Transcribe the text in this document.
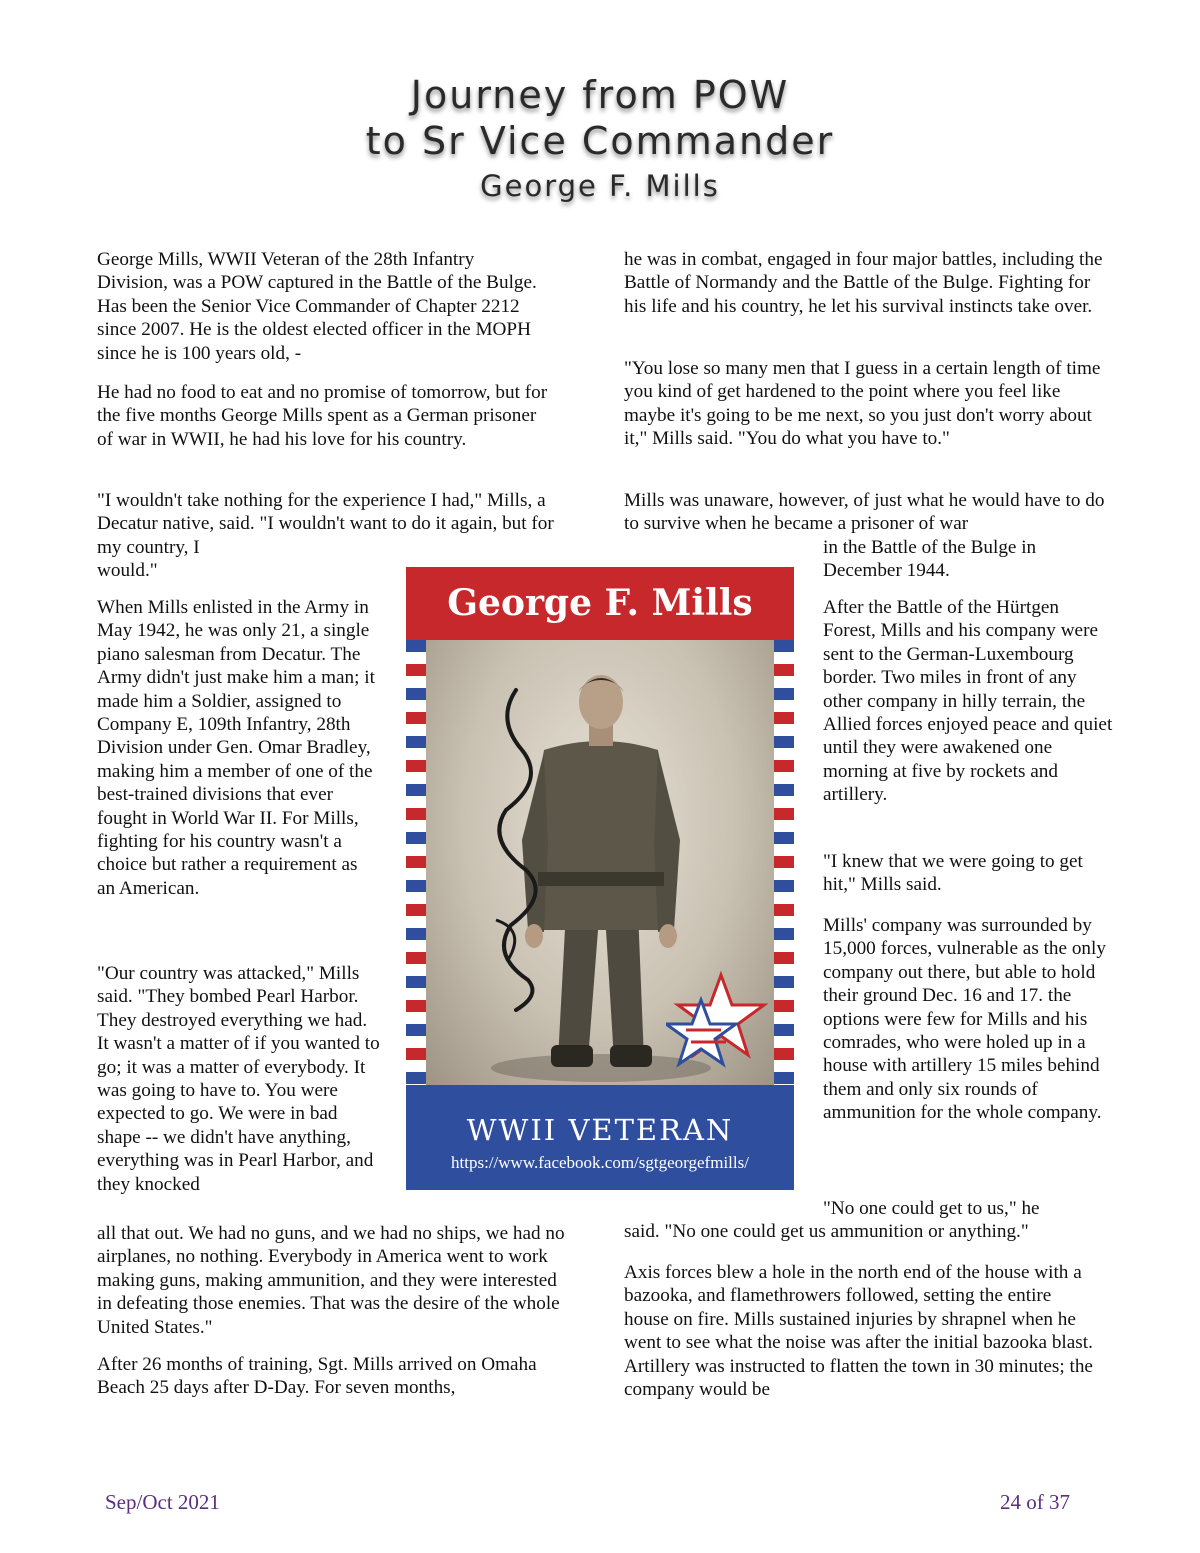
Journey from POW
to Sr Vice Commander
George F. Mills

George Mills, WWII Veteran of the 28th Infantry Division, was a POW captured in the Battle of the Bulge. Has been the Senior Vice Commander of Chapter 2212 since 2007. He is the oldest elected officer in the MOPH since he is 100 years old, -

He had no food to eat and no promise of tomorrow, but for the five months George Mills spent as a German prisoner of war in WWII, he had his love for his country.

"I wouldn't take nothing for the experience I had," Mills, a Decatur native, said. "I wouldn't want to do it again, but for my country, I

would."

When Mills enlisted in the Army in May 1942, he was only 21, a single piano salesman from Decatur. The Army didn't just make him a man; it made him a Soldier, assigned to Company E, 109th Infantry, 28th Division under Gen. Omar Bradley, making him a member of one of the best-trained divisions that ever fought in World War II. For Mills, fighting for his country wasn't a choice but rather a requirement as an American.

"Our country was attacked," Mills said. "They bombed Pearl Harbor. They destroyed everything we had. It wasn't a matter of if you wanted to go; it was a matter of everybody. It was going to have to. You were expected to go. We were in bad shape -- we didn't have anything, everything was in Pearl Harbor, and they knocked

all that out. We had no guns, and we had no ships, we had no airplanes, no nothing. Everybody in America went to work making guns, making ammunition, and they were interested in defeating those enemies. That was the desire of the whole United States."

After 26 months of training, Sgt. Mills arrived on Omaha Beach 25 days after D-Day. For seven months,

he was in combat, engaged in four major battles, including the Battle of Normandy and the Battle of the Bulge. Fighting for his life and his country, he let his survival instincts take over.

"You lose so many men that I guess in a certain length of time you kind of get hardened to the point where you feel like maybe it's going to be me next, so you just don't worry about it," Mills said. "You do what you have to."

Mills was unaware, however, of just what he would have to do to survive when he became a prisoner of war

in the Battle of the Bulge in December 1944.

After the Battle of the Hürtgen Forest, Mills and his company were sent to the German-Luxembourg border. Two miles in front of any other company in hilly terrain, the Allied forces enjoyed peace and quiet until they were awakened one morning at five by rockets and artillery.

"I knew that we were going to get hit," Mills said.

Mills' company was surrounded by 15,000 forces, vulnerable as the only company out there, but able to hold their ground Dec. 16 and 17. the options were few for Mills and his comrades, who were holed up in a house with artillery 15 miles behind them and only six rounds of ammunition for the whole company.

"No one could get to us," he

said. "No one could get us ammunition or anything."

Axis forces blew a hole in the north end of the house with a bazooka, and flamethrowers followed, setting the entire house on fire. Mills sustained injuries by shrapnel when he went to see what the noise was after the initial bazooka blast. Artillery was instructed to flatten the town in 30 minutes; the company would be

George F. Mills
WWII VETERAN
https://www.facebook.com/sgtgeorgefmills/
Sep/Oct 2021	24 of 37
